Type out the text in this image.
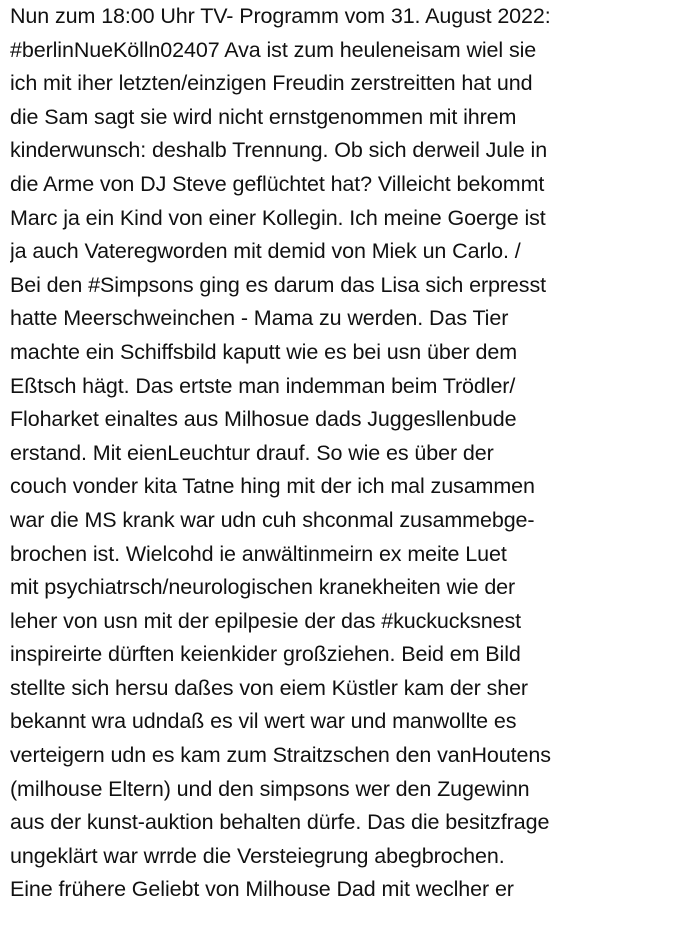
Nun zum 18:00 Uhr TV- Programm vom 31. August 2022:
#berlinNueKölln02407 Ava ist zum heuleneisam wiel sie
ich mit iher letzten/einzigen Freudin zerstreitten hat und
die Sam sagt sie wird nicht ernstgenommen mit ihrem
kinderwunsch: deshalb Trennung. Ob sich derweil Jule in
die Arme von DJ Steve geflüchtet hat? Villeicht bekommt
Marc ja ein Kind von einer Kollegin. Ich meine Goerge ist
ja auch Vateregworden mit demid von Miek un Carlo. /
Bei den #Simpsons ging es darum das Lisa sich erpresst
hatte Meerschweinchen - Mama zu werden. Das Tier
machte ein Schiffsbild kaputt wie es bei usn über dem
Eßtsch hägt. Das ertste man indemman beim Trödler/
Floharket einaltes aus Milhosue dads Juggesllenbude
erstand. Mit eienLeuchtur drauf. So wie es über der
couch vonder kita Tatne hing mit der ich mal zusammen
war die MS krank war udn cuh shconmal zusammebge-
brochen ist. Wielcohd ie anwältinmeirn ex meite Luet
mit psychiatrsch/neurologischen kranekheiten wie der
leher von usn mit der epilpesie der das #kuckucksnest
inspireirte dürften keienkider großziehen. Beid em Bild
stellte sich hersu daßes von eiem Küstler kam der sher
bekannt wra udndaß es vil wert war und manwollte es
verteigern udn es kam zum Straitzschen den vanHoutens
(milhouse Eltern) und den simpsons wer den Zugewinn
aus der kunst-auktion behalten dürfe. Das die besitzfrage
ungeklärt war wrrde die Versteiegrung abegbrochen.
Eine frühere Geliebt von Milhouse Dad mit weclher er
